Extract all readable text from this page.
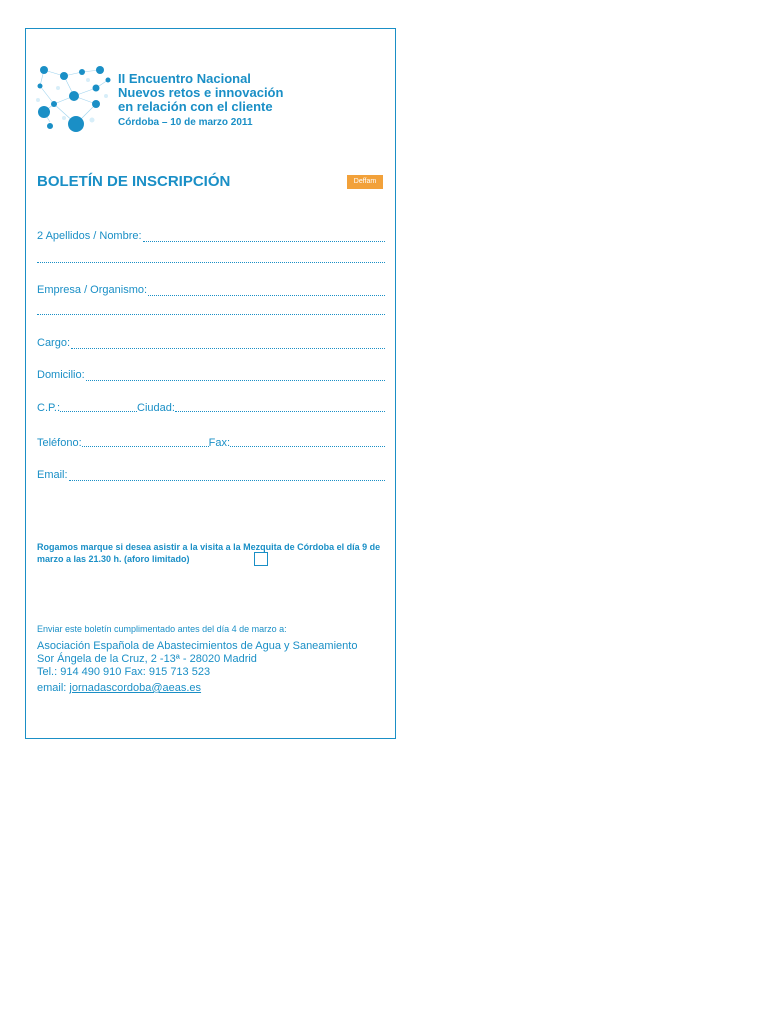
II Encuentro Nacional
Nuevos retos e innovación
en relación con el cliente
Córdoba – 10 de marzo 2011
BOLETÍN DE INSCRIPCIÓN	Deffam
2 Apellidos / Nombre:
Empresa / Organismo:
Cargo:
Domicilio:
C.P.:	Ciudad:
Teléfono:	Fax:
Email:
Rogamos marque si desea asistir a la visita a la Mezquita de Córdoba el día 9 de marzo a las 21.30 h. (aforo limitado)
Enviar este boletín cumplimentado antes del día 4 de marzo a:
Asociación Española de Abastecimientos de Agua y Saneamiento
Sor Ángela de la Cruz, 2 -13ª - 28020 Madrid
Tel.: 914 490 910 Fax: 915 713 523
email: jornadascordoba@aeas.es
